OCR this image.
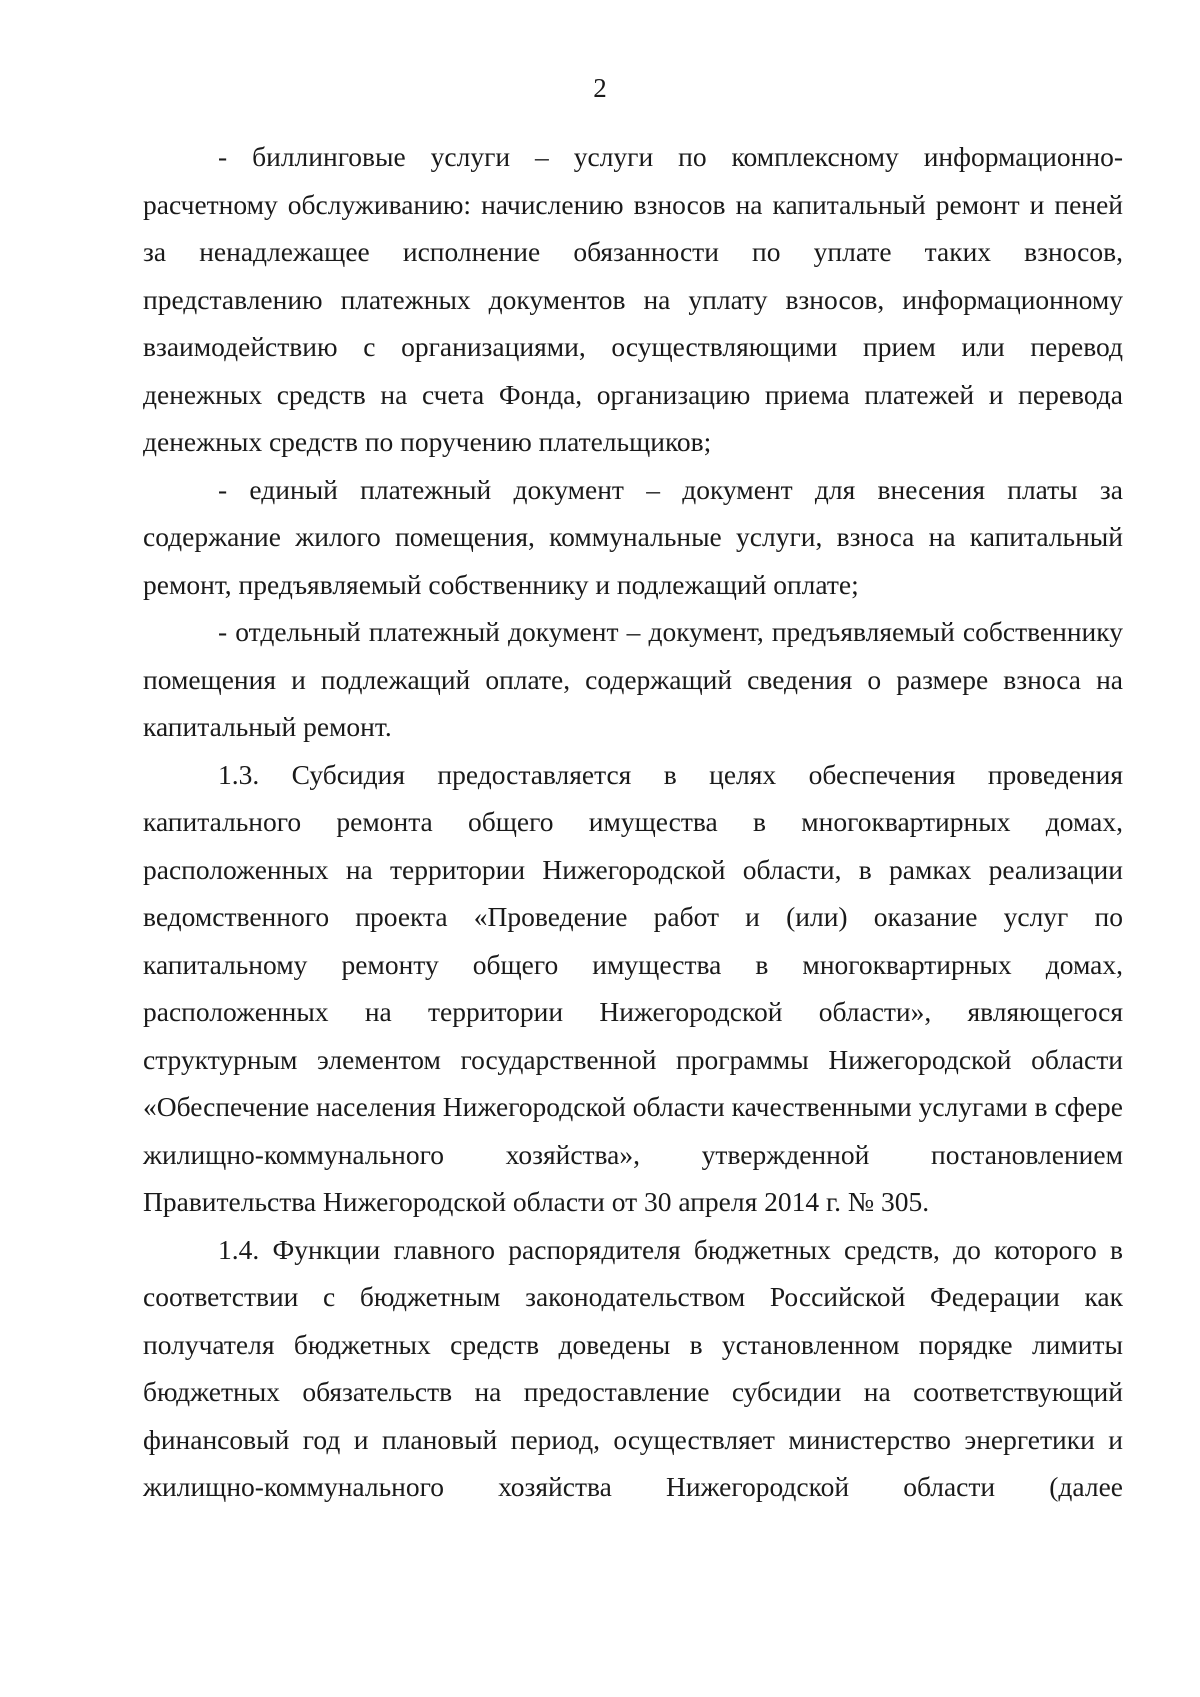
2

- биллинговые услуги – услуги по комплексному информационно-расчетному обслуживанию: начислению взносов на капитальный ремонт и пеней за ненадлежащее исполнение обязанности по уплате таких взносов, представлению платежных документов на уплату взносов, информационному взаимодействию с организациями, осуществляющими прием или перевод денежных средств на счета Фонда, организацию приема платежей и перевода денежных средств по поручению плательщиков;

- единый платежный документ – документ для внесения платы за содержание жилого помещения, коммунальные услуги, взноса на капитальный ремонт, предъявляемый собственнику и подлежащий оплате;

- отдельный платежный документ – документ, предъявляемый собственнику помещения и подлежащий оплате, содержащий сведения о размере взноса на капитальный ремонт.

1.3. Субсидия предоставляется в целях обеспечения проведения капитального ремонта общего имущества в многоквартирных домах, расположенных на территории Нижегородской области, в рамках реализации ведомственного проекта «Проведение работ и (или) оказание услуг по капитальному ремонту общего имущества в многоквартирных домах, расположенных на территории Нижегородской области», являющегося структурным элементом государственной программы Нижегородской области «Обеспечение населения Нижегородской области качественными услугами в сфере жилищно-коммунального хозяйства», утвержденной постановлением Правительства Нижегородской области от 30 апреля 2014 г. № 305.

1.4. Функции главного распорядителя бюджетных средств, до которого в соответствии с бюджетным законодательством Российской Федерации как получателя бюджетных средств доведены в установленном порядке лимиты бюджетных обязательств на предоставление субсидии на соответствующий финансовый год и плановый период, осуществляет министерство энергетики и жилищно-коммунального хозяйства Нижегородской области (далее
